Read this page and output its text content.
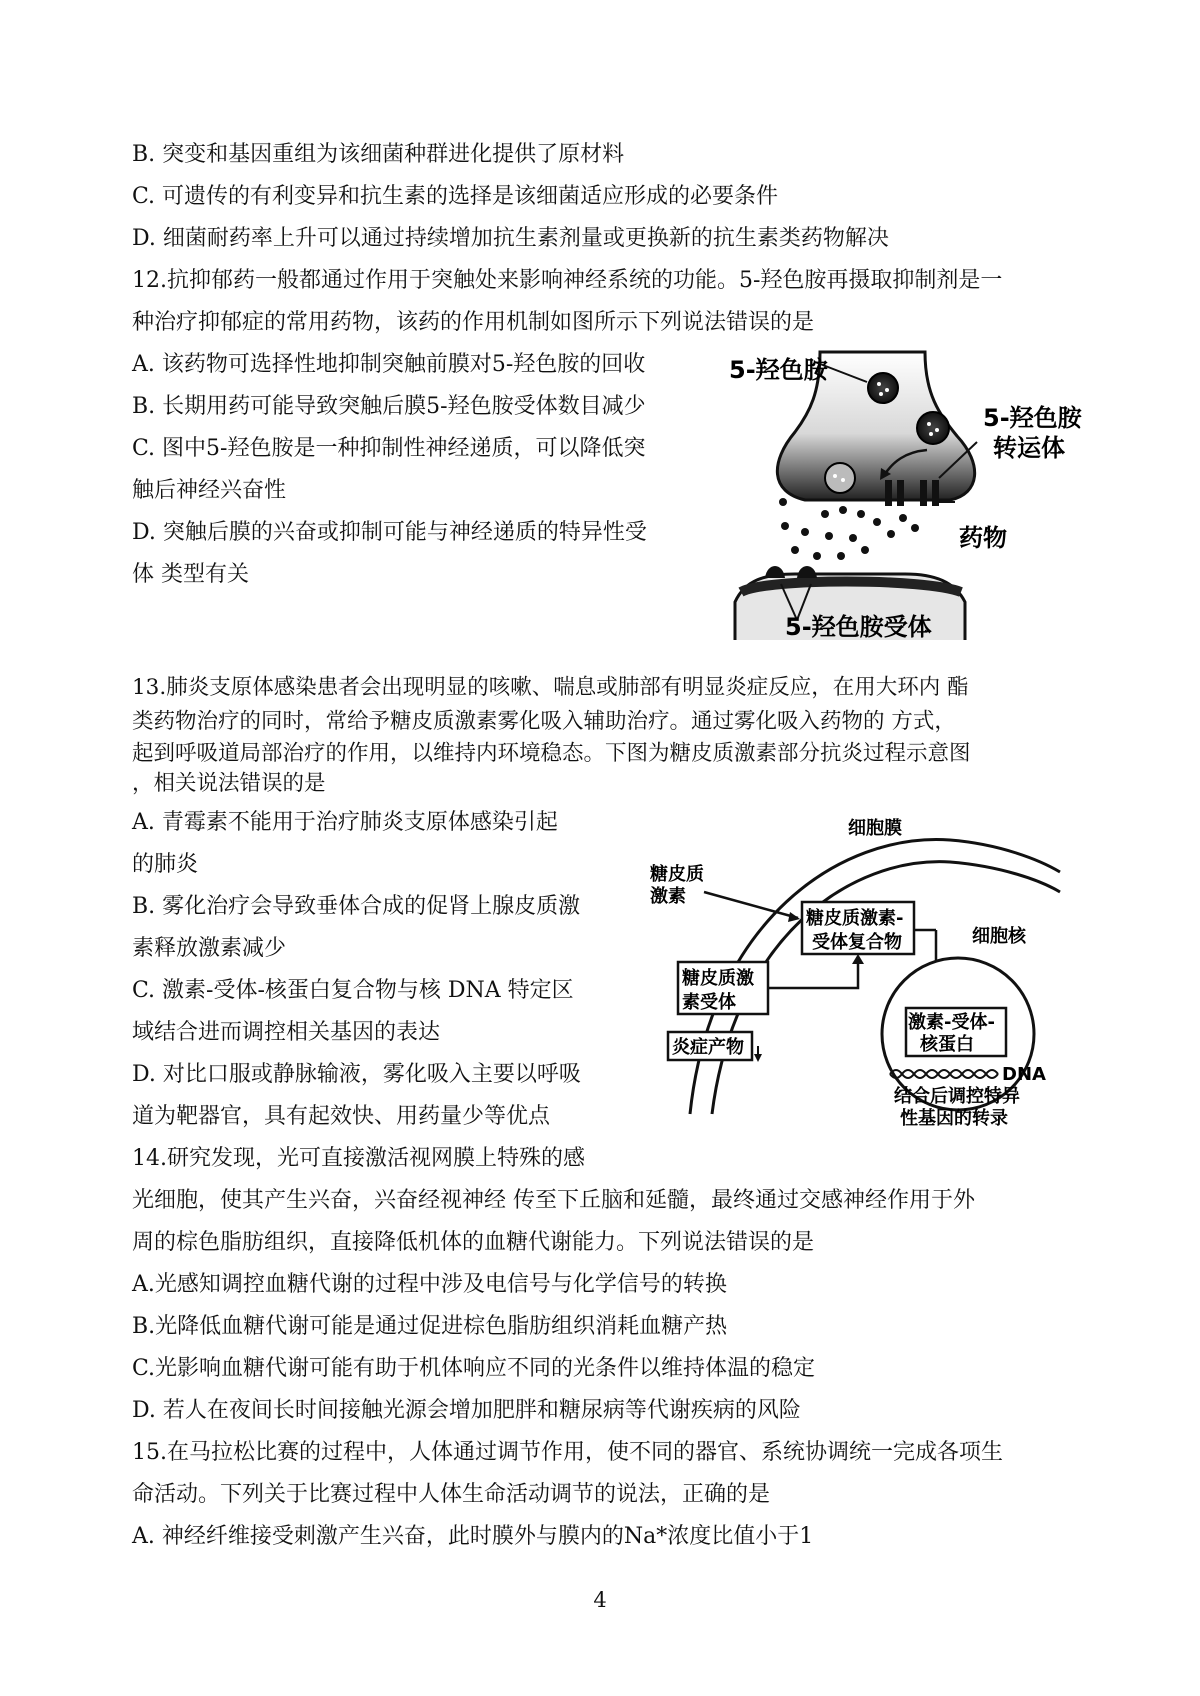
B. 突变和基因重组为该细菌种群进化提供了原材料
C. 可遗传的有利变异和抗生素的选择是该细菌适应形成的必要条件
D. 细菌耐药率上升可以通过持续增加抗生素剂量或更换新的抗生素类药物解决
12.抗抑郁药一般都通过作用于突触处来影响神经系统的功能。5-羟色胺再摄取抑制剂是一
种治疗抑郁症的常用药物，该药的作用机制如图所示下列说法错误的是
A. 该药物可选择性地抑制突触前膜对5-羟色胺的回收
B. 长期用药可能导致突触后膜5-羟色胺受体数目减少
C. 图中5-羟色胺是一种抑制性神经递质，可以降低突
触后神经兴奋性
D. 突触后膜的兴奋或抑制可能与神经递质的特异性受
体 类型有关
5-羟色胺
5-羟色胺
转运体
药物
5-羟色胺受体
13.肺炎支原体感染患者会出现明显的咳嗽、喘息或肺部有明显炎症反应，在用大环内 酯
类药物治疗的同时，常给予糖皮质激素雾化吸入辅助治疗。通过雾化吸入药物的 方式，
起到呼吸道局部治疗的作用，以维持内环境稳态。下图为糖皮质激素部分抗炎过程示意图
，相关说法错误的是
A. 青霉素不能用于治疗肺炎支原体感染引起
的肺炎
B. 雾化治疗会导致垂体合成的促肾上腺皮质激
素释放激素减少
C. 激素-受体-核蛋白复合物与核 DNA 特定区
域结合进而调控相关基因的表达
D. 对比口服或静脉输液，雾化吸入主要以呼吸
道为靶器官，具有起效快、用药量少等优点
细胞膜
糖皮质
激素
糖皮质激素-
受体复合物
糖皮质激
素受体
细胞核
激素-受体-
核蛋白
DNA
结合后调控特异
性基因的转录
炎症产物
14.研究发现，光可直接激活视网膜上特殊的感
光细胞，使其产生兴奋，兴奋经视神经 传至下丘脑和延髓，最终通过交感神经作用于外
周的棕色脂肪组织，直接降低机体的血糖代谢能力。下列说法错误的是
A.光感知调控血糖代谢的过程中涉及电信号与化学信号的转换
B.光降低血糖代谢可能是通过促进棕色脂肪组织消耗血糖产热
C.光影响血糖代谢可能有助于机体响应不同的光条件以维持体温的稳定
D. 若人在夜间长时间接触光源会增加肥胖和糖尿病等代谢疾病的风险
15.在马拉松比赛的过程中，人体通过调节作用，使不同的器官、系统协调统一完成各项生
命活动。下列关于比赛过程中人体生命活动调节的说法，正确的是
A. 神经纤维接受刺激产生兴奋，此时膜外与膜内的Na*浓度比值小于1
4
